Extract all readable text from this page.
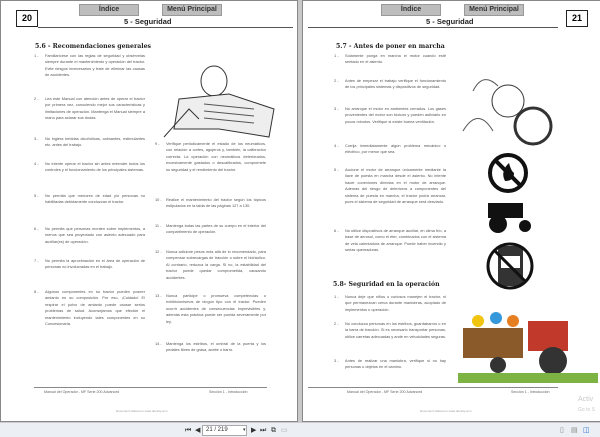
Índice	Menú Principal
20	5 - Seguridad
5.6 - Recomendaciones generales
Manual del Operador - MF Serie 200 Advanced	Sección 1 - Introducción
Document shared on www.docsity.com
1 -	Familiarícese con las reglas de seguridad y obsérvelas siempre durante el mantenimiento y operación del tractor. Evite riesgos innecesarios y trate de eliminar las causas de accidentes.
2 -	Lea este Manual con atención antes de operar el tractor por primera vez, conociendo mejor sus características y limitaciones de operación. Mantenga el Manual siempre a mano para aclarar sus dudas.
3 -	No ingiera bebidas alcohólicas, calmantes, estimulantes etc. antes del trabajo.
4 -	No intente operar el tractor sin antes entender todos los controles y el funcionamiento de los principales sistemas.
5 -	No permita que menores de edad y/o personas no habilitadas debidamente conduzcan el tractor.
6 -	No permita que personas monten sobre implementos, a menos que sea proyectado con asiento adecuado para auxiliar(es) de operación.
7 -	No permita la aproximación en el área de operación de personas no involucradas en el trabajo.
8 -	Algunos componentes en su tractor pueden poseer amianto en su composición. Por eso, ¡Cuidado! El respirar el polvo de amianto puede causar serios problemas de salud. Aconsejamos que efectúe el mantenimiento incluyendo tales componentes en su Concesionaria.
9 -	Verifique periódicamente el estado de los neumáticos, con relación a cortes, agujeros y, también, la calibración correcta. La operación con neumáticos deteriorados, excesivamente gastados o descalibrados, compromete su seguridad y el rendimiento del tractor.
10 -	Realice el mantenimiento del tractor según los tópicos estipulados en la tabla de las páginas 127 a 130.
11 -	Mantenga todas las partes de su cuerpo en el interior del compartimento de operación.
12 -	Nunca adicione pesos más allá de lo recomendado, para compensar sobrecargas de tracción o sobre el hidráulico. Al contrario, reduzca la carga. Si no, la estabilidad del tractor puede quedar comprometida, causando accidentes.
13 -	Nunca participe o promueva competencias o exhibicionismos de ningún tipo con el tractor. Pueden ocurrir accidentes de consecuencias imprevisibles y, además esta práctica puede ser punida severamente por ley.
14 -	Mantenga los estribos, el umbral de la puerta y los pedales libres de grasa, aceite o barro.
Índice	Menú Principal
21
5 - Seguridad
5.7 - Antes de poner en marcha
Manual del Operador - MF Serie 200 Advanced	Sección 1 - Introducción
Document shared on www.docsity.com
Activ
Go to S
1 -	Solamente ponga en marcha el motor cuando esté sentado en el asiento.
2 -	Antes de empezar el trabajo verifique el funcionamiento de los principales sistemas y dispositivos de seguridad.
3 -	No arranque el motor en ambientes cerrados. Los gases provenientes del motor son tóxicos y pueden asfixiarlo en pocos minutos. Verifique si existe buena ventilación.
4 -	Corrija inmediatamente algún problema mecánico o eléctrico, por menor que sea.
5 -	Accione el motor de arranque únicamente mediante la llave de puesta en marcha desde el asiento. No intente hacer conexiones directas en el motor de arranque. Además del riesgo de deterioros a componentes del sistema de puesta en marcha, el tractor podrá arrancar, pues el sistema de seguridad de arranque será desviado.
6 -	No utilice dispositivos de arranque auxiliar, en clima frío, a base de aerosol, como el éter, combinados con el sistema de vela calentadora de arranque. Puede haber incendio y serias quemaduras.
1 -	Nunca deje que niños o curiosos manejen el tractor, ni que permanezcan cerca durante maniobras, acoplado de implementos u operación.
2 -	No conduzca personas en los estribos, guardabarros o en la barra de tracción. Si es necesario transportar personas, utilice carretas adecuadas y ande en velocidades seguras.
3 -	Antes de realizar una maniobra, verifique si no hay personas u objetos en el camino.
5.8- Seguridad en la operación
⏮ ◀ 21 / 219	▾ ▶ ⏭ ⧉ ▭	▯ ▤ ◫
